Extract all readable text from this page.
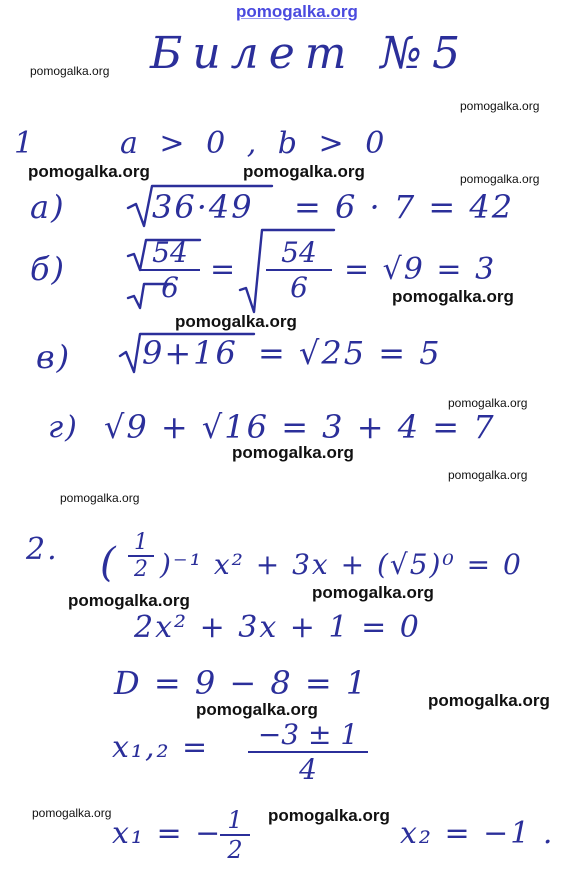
pomogalka.org
pomogalka.org
pomogalka.org
pomogalka.org	pomogalka.org	pomogalka.org
pomogalka.org
pomogalka.org
pomogalka.org
pomogalka.org
pomogalka.org
pomogalka.org
pomogalka.org
pomogalka.org
pomogalka.org
pomogalka.org
pomogalka.org	pomogalka.org
Билет №5
1	a > 0 , b > 0
а)	36·49 = 6 · 7 = 42
б)	54
6
=	54
6
= √9 = 3
в) 9+16 = √25 = 5
г) √9 + √16 = 3 + 4 = 7
2. ( 1
2 )⁻¹ x² + 3x + (√5)⁰ = 0
2x² + 3x + 1 = 0
D = 9 − 8 = 1
x₁,₂ =	−3 ± 1
4
x₁ = − 1
2	x₂ = −1 .
